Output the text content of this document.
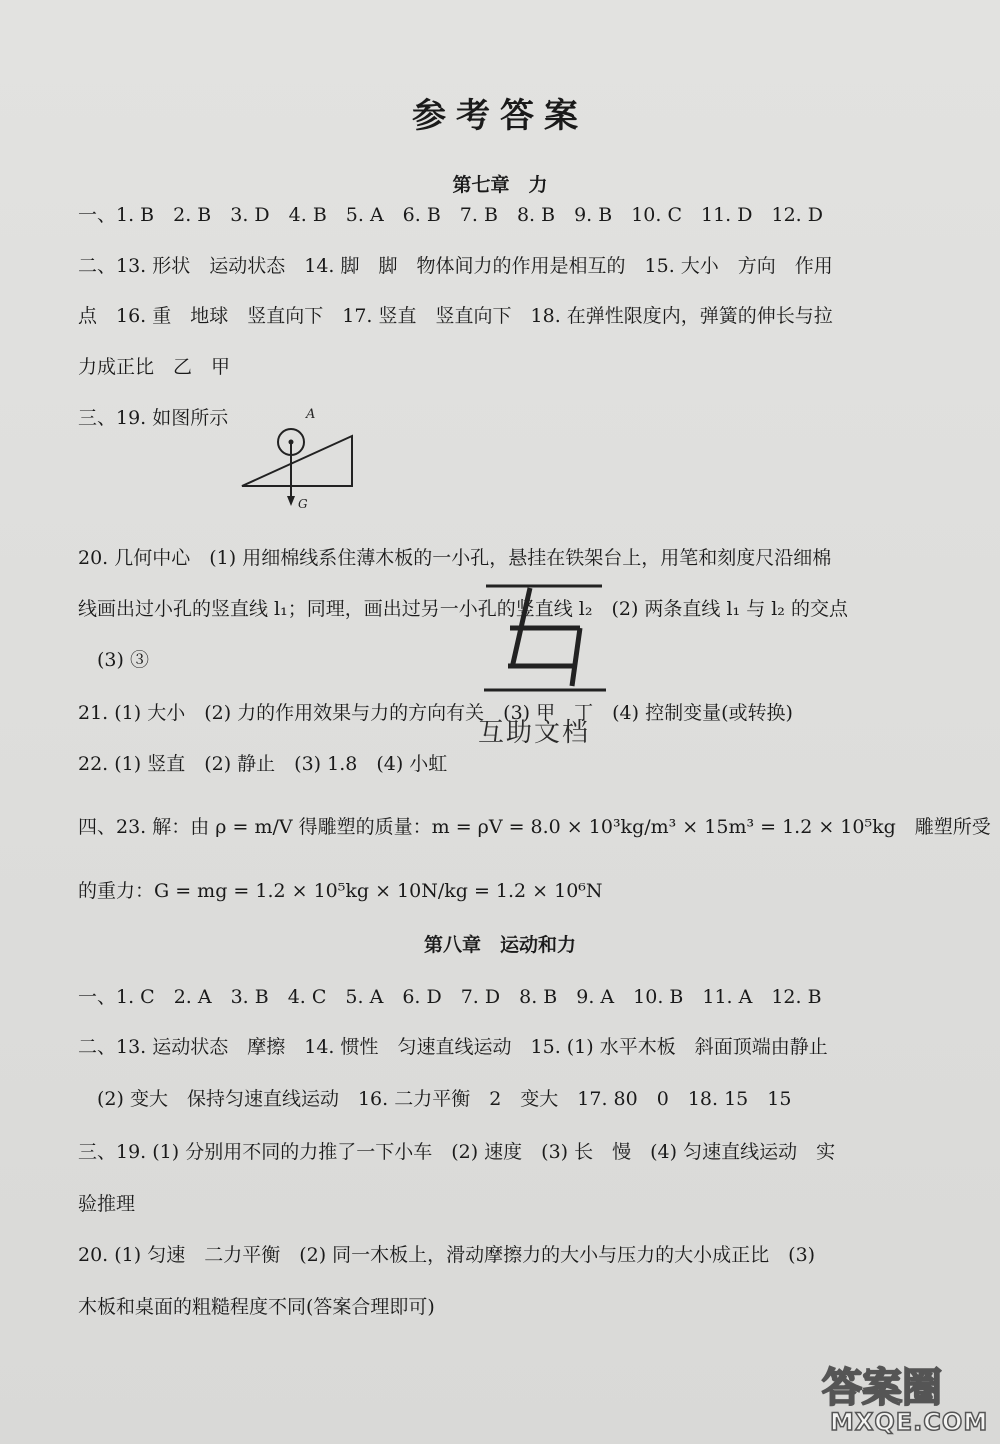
参考答案
第七章　力
一、1. B　2. B　3. D　4. B　5. A　6. B　7. B　8. B　9. B　10. C　11. D　12. D
二、13. 形状　运动状态　14. 脚　脚　物体间力的作用是相互的　15. 大小　方向　作用
点　16. 重　地球　竖直向下　17. 竖直　竖直向下　18. 在弹性限度内，弹簧的伸长与拉
力成正比　乙　甲
三、19. 如图所示	A
G
20. 几何中心　(1) 用细棉线系住薄木板的一小孔，悬挂在铁架台上，用笔和刻度尺沿细棉
线画出过小孔的竖直线 l₁；同理，画出过另一小孔的竖直线 l₂　(2) 两条直线 l₁ 与 l₂ 的交点
　(3) ③
21. (1) 大小　(2) 力的作用效果与力的方向有关　(3) 甲　丁　(4) 控制变量(或转换)
22. (1) 竖直　(2) 静止　(3) 1.8　(4) 小虹
四、23. 解：由 ρ = m/V 得雕塑的质量：m = ρV = 8.0 × 10³kg/m³ × 15m³ = 1.2 × 10⁵kg　雕塑所受
的重力：G = mg = 1.2 × 10⁵kg × 10N/kg = 1.2 × 10⁶N
第八章　运动和力
一、1. C　2. A　3. B　4. C　5. A　6. D　7. D　8. B　9. A　10. B　11. A　12. B
二、13. 运动状态　摩擦　14. 惯性　匀速直线运动　15. (1) 水平木板　斜面顶端由静止
　(2) 变大　保持匀速直线运动　16. 二力平衡　2　变大　17. 80　0　18. 15　15
三、19. (1) 分别用不同的力推了一下小车　(2) 速度　(3) 长　慢　(4) 匀速直线运动　实
验推理
20. (1) 匀速　二力平衡　(2) 同一木板上，滑动摩擦力的大小与压力的大小成正比　(3)
木板和桌面的粗糙程度不同(答案合理即可)
互助文档
答案圈
MXQE.COM
